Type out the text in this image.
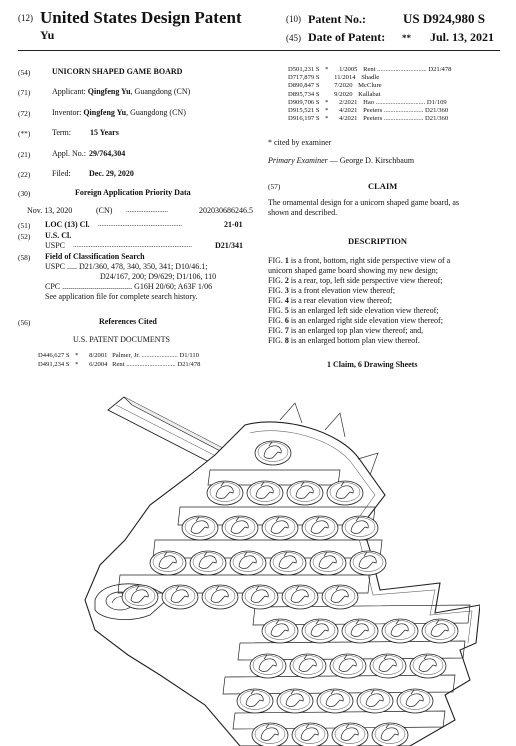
(12) United States Design Patent
Yu
(10) Patent No.:	US D924,980 S
(45) Date of Patent: ** Jul. 13, 2021
(54)	UNICORN SHAPED GAME BOARD
(71)	Applicant: Qingfeng Yu, Guangdong (CN)
(72)	Inventor: Qingfeng Yu, Guangdong (CN)
(**)	Term: 15 Years
(21)	Appl. No.: 29/764,304
(22)	Filed: Dec. 29, 2020
(30)	Foreign Application Priority Data
Nov. 13, 2020	(CN) ........................	202030686246.5
(51) LOC (13) Cl. ................................................	21-01
(52) U.S. Cl.
USPC ....................................................................	D21/341
(58) Field of Classification Search
USPC ..... D21/360, 478, 340, 350, 341; D10/46.1;
D24/167, 200; D9/629; D1/106, 110
CPC ................................... G16H 20/60; A63F 1/06
See application file for complete search history.
(56)	References Cited
U.S. PATENT DOCUMENTS
D446,627 S * 8/2001 Palmer, Jr. ...................... D1/110
D491,234 S * 6/2004 Rent .............................. D21/478
D501,231 S * 1/2005 Rent .............................. D21/478
D717,879 S 11/2014 Shadle
D890,847 S 7/2020 McClure
D895,734 S 9/2020 Kallabat
D909,706 S * 2/2021 Hao .............................. D1/109
D915,521 S * 4/2021 Peeters ........................ D21/360
D916,197 S * 4/2021 Peeters ........................ D21/360
* cited by examiner
Primary Examiner — George D. Kirschbaum
(57)	CLAIM
The ornamental design for a unicorn shaped game board, as
shown and described.
DESCRIPTION
FIG. 1 is a front, bottom, right side perspective view of a
unicorn shaped game board showing my new design;
FIG. 2 is a rear, top, left side perspective view thereof;
FIG. 3 is a front elevation view thereof;
FIG. 4 is a rear elevation view thereof;
FIG. 5 is an enlarged left side elevation view thereof;
FIG. 6 is an enlarged right side elevation view thereof;
FIG. 7 is an enlarged top plan view thereof; and,
FIG. 8 is an enlarged bottom plan view thereof.
1 Claim, 6 Drawing Sheets
